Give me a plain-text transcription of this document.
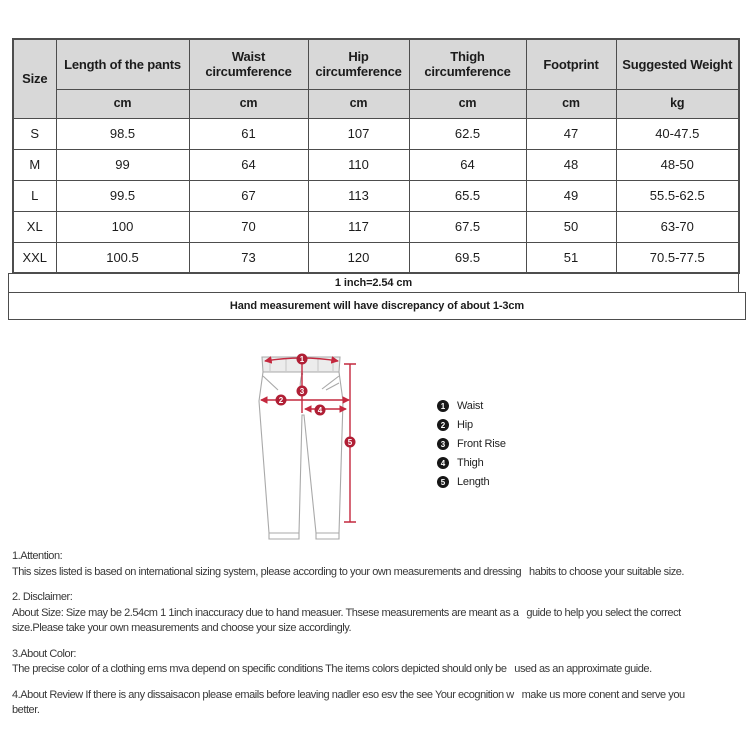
Size	Length of the pants	Waist circumference	Hip circumference	Thigh circumference	Footprint	Suggested Weight
	cm	cm	cm	cm	cm	kg
S	98.5	61	107	62.5	47	40-47.5
M	99	64	110	64	48	48-50
L	99.5	67	113	65.5	49	55.5-62.5
XL	100	70	117	67.5	50	63-70
XXL	100.5	73	120	69.5	51	70.5-77.5
1 inch=2.54 cm
Hand measurement will have discrepancy of about 1-3cm
1
2
3
4
5
1	Waist
2	Hip
3	Front Rise
4	Thigh
5	Length
1.Attention:
This sizes listed is based on international sizing system, please according to your own measurements and dressing   habits to choose your suitable size.
2. Disclaimer:
About Size: Size may be 2.54cm 1 1inch inaccuracy due to hand measuer. Thsese measurements are meant as a   guide to help you select the correct
size.Please take your own measurements and choose your size accordingly.
3.About Color:
The precise color of a clothing ems mva depend on specific conditions The items colors depicted should only be   used as an approximate guide.
4.About Review If there is any dissaisacon please emails before leaving nadler eso esv the see Your ecognition w   make us more conent and serve you
better.
